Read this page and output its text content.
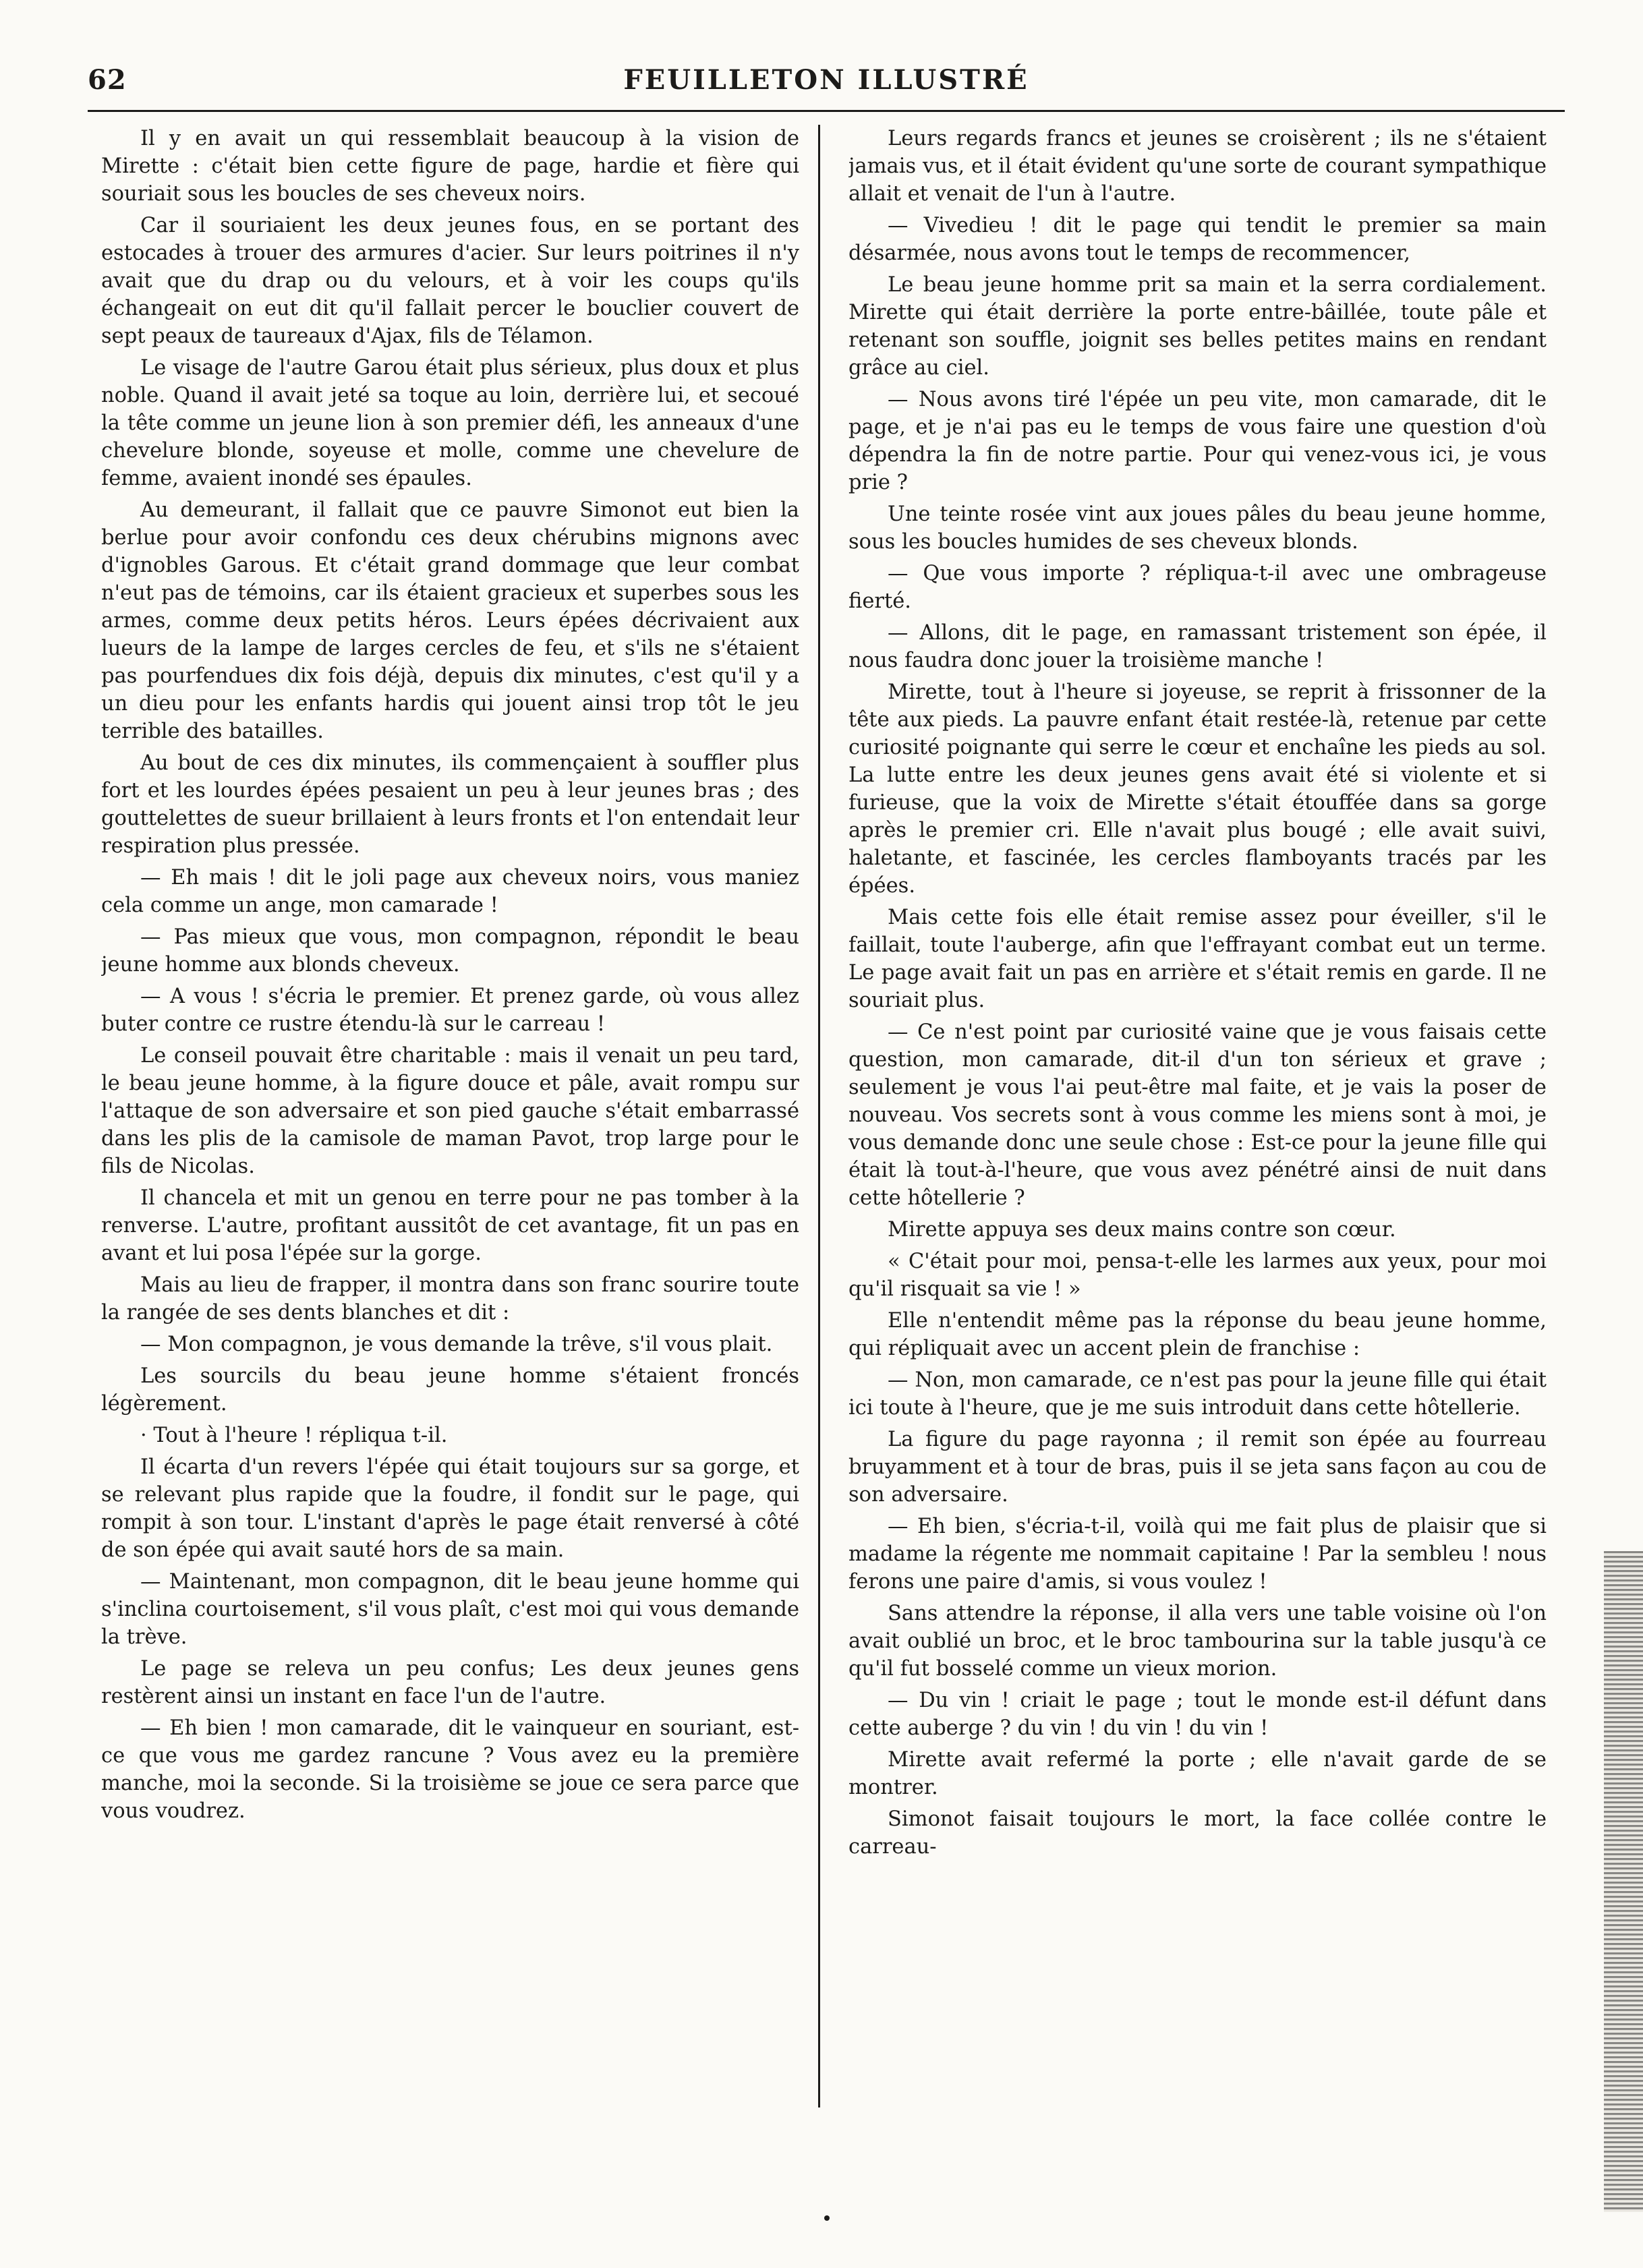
62	FEUILLETON ILLUSTRÉ

Il y en avait un qui ressemblait beaucoup à la vision de Mirette : c'était bien cette figure de page, hardie et fière qui souriait sous les boucles de ses cheveux noirs.

Car il souriaient les deux jeunes fous, en se portant des estocades à trouer des armures d'acier. Sur leurs poitrines il n'y avait que du drap ou du velours, et à voir les coups qu'ils échangeait on eut dit qu'il fallait percer le bouclier couvert de sept peaux de taureaux d'Ajax, fils de Télamon.

Le visage de l'autre Garou était plus sérieux, plus doux et plus noble. Quand il avait jeté sa toque au loin, derrière lui, et secoué la tête comme un jeune lion à son premier défi, les anneaux d'une chevelure blonde, soyeuse et molle, comme une chevelure de femme, avaient inondé ses épaules.

Au demeurant, il fallait que ce pauvre Simonot eut bien la berlue pour avoir confondu ces deux chérubins mignons avec d'ignobles Garous. Et c'était grand dommage que leur combat n'eut pas de témoins, car ils étaient gracieux et superbes sous les armes, comme deux petits héros. Leurs épées décrivaient aux lueurs de la lampe de larges cercles de feu, et s'ils ne s'étaient pas pourfendues dix fois déjà, depuis dix minutes, c'est qu'il y a un dieu pour les enfants hardis qui jouent ainsi trop tôt le jeu terrible des batailles.

Au bout de ces dix minutes, ils commençaient à souffler plus fort et les lourdes épées pesaient un peu à leur jeunes bras ; des gouttelettes de sueur brillaient à leurs fronts et l'on entendait leur respiration plus pressée.

— Eh mais ! dit le joli page aux cheveux noirs, vous maniez cela comme un ange, mon camarade !

— Pas mieux que vous, mon compagnon, répondit le beau jeune homme aux blonds cheveux.

— A vous ! s'écria le premier. Et prenez garde, où vous allez buter contre ce rustre étendu-là sur le carreau !

Le conseil pouvait être charitable : mais il venait un peu tard, le beau jeune homme, à la figure douce et pâle, avait rompu sur l'attaque de son adversaire et son pied gauche s'était embarrassé dans les plis de la camisole de maman Pavot, trop large pour le fils de Nicolas.

Il chancela et mit un genou en terre pour ne pas tomber à la renverse. L'autre, profitant aussitôt de cet avantage, fit un pas en avant et lui posa l'épée sur la gorge.

Mais au lieu de frapper, il montra dans son franc sourire toute la rangée de ses dents blanches et dit :

— Mon compagnon, je vous demande la trêve, s'il vous plait.

Les sourcils du beau jeune homme s'étaient froncés légèrement.

· Tout à l'heure ! répliqua t-il.

Il écarta d'un revers l'épée qui était toujours sur sa gorge, et se relevant plus rapide que la foudre, il fondit sur le page, qui rompit à son tour. L'instant d'après le page était renversé à côté de son épée qui avait sauté hors de sa main.

— Maintenant, mon compagnon, dit le beau jeune homme qui s'inclina courtoisement, s'il vous plaît, c'est moi qui vous demande la trève.

Le page se releva un peu confus; Les deux jeunes gens restèrent ainsi un instant en face l'un de l'autre.

— Eh bien ! mon camarade, dit le vainqueur en souriant, est-ce que vous me gardez rancune ? Vous avez eu la première manche, moi la seconde. Si la troisième se joue ce sera parce que vous voudrez.

Leurs regards francs et jeunes se croisèrent ; ils ne s'étaient jamais vus, et il était évident qu'une sorte de courant sympathique allait et venait de l'un à l'autre.

— Vivedieu ! dit le page qui tendit le premier sa main désarmée, nous avons tout le temps de recommencer,

Le beau jeune homme prit sa main et la serra cordialement. Mirette qui était derrière la porte entre-bâillée, toute pâle et retenant son souffle, joignit ses belles petites mains en rendant grâce au ciel.

— Nous avons tiré l'épée un peu vite, mon camarade, dit le page, et je n'ai pas eu le temps de vous faire une question d'où dépendra la fin de notre partie. Pour qui venez-vous ici, je vous prie ?

Une teinte rosée vint aux joues pâles du beau jeune homme, sous les boucles humides de ses cheveux blonds.

— Que vous importe ? répliqua-t-il avec une ombrageuse fierté.

— Allons, dit le page, en ramassant tristement son épée, il nous faudra donc jouer la troisième manche !

Mirette, tout à l'heure si joyeuse, se reprit à frissonner de la tête aux pieds. La pauvre enfant était restée-là, retenue par cette curiosité poignante qui serre le cœur et enchaîne les pieds au sol. La lutte entre les deux jeunes gens avait été si violente et si furieuse, que la voix de Mirette s'était étouffée dans sa gorge après le premier cri. Elle n'avait plus bougé ; elle avait suivi, haletante, et fascinée, les cercles flamboyants tracés par les épées.

Mais cette fois elle était remise assez pour éveiller, s'il le faillait, toute l'auberge, afin que l'effrayant combat eut un terme. Le page avait fait un pas en arrière et s'était remis en garde. Il ne souriait plus.

— Ce n'est point par curiosité vaine que je vous faisais cette question, mon camarade, dit-il d'un ton sérieux et grave ; seulement je vous l'ai peut-être mal faite, et je vais la poser de nouveau. Vos secrets sont à vous comme les miens sont à moi, je vous demande donc une seule chose : Est-ce pour la jeune fille qui était là tout-à-l'heure, que vous avez pénétré ainsi de nuit dans cette hôtellerie ?

Mirette appuya ses deux mains contre son cœur.

« C'était pour moi, pensa-t-elle les larmes aux yeux, pour moi qu'il risquait sa vie ! »

Elle n'entendit même pas la réponse du beau jeune homme, qui répliquait avec un accent plein de franchise :

— Non, mon camarade, ce n'est pas pour la jeune fille qui était ici toute à l'heure, que je me suis introduit dans cette hôtellerie.

La figure du page rayonna ; il remit son épée au fourreau bruyamment et à tour de bras, puis il se jeta sans façon au cou de son adversaire.

— Eh bien, s'écria-t-il, voilà qui me fait plus de plaisir que si madame la régente me nommait capitaine ! Par la sembleu ! nous ferons une paire d'amis, si vous voulez !

Sans attendre la réponse, il alla vers une table voisine où l'on avait oublié un broc, et le broc tambourina sur la table jusqu'à ce qu'il fut bosselé comme un vieux morion.

— Du vin ! criait le page ; tout le monde est-il défunt dans cette auberge ? du vin ! du vin ! du vin !

Mirette avait refermé la porte ; elle n'avait garde de se montrer.

Simonot faisait toujours le mort, la face collée contre le carreau-
